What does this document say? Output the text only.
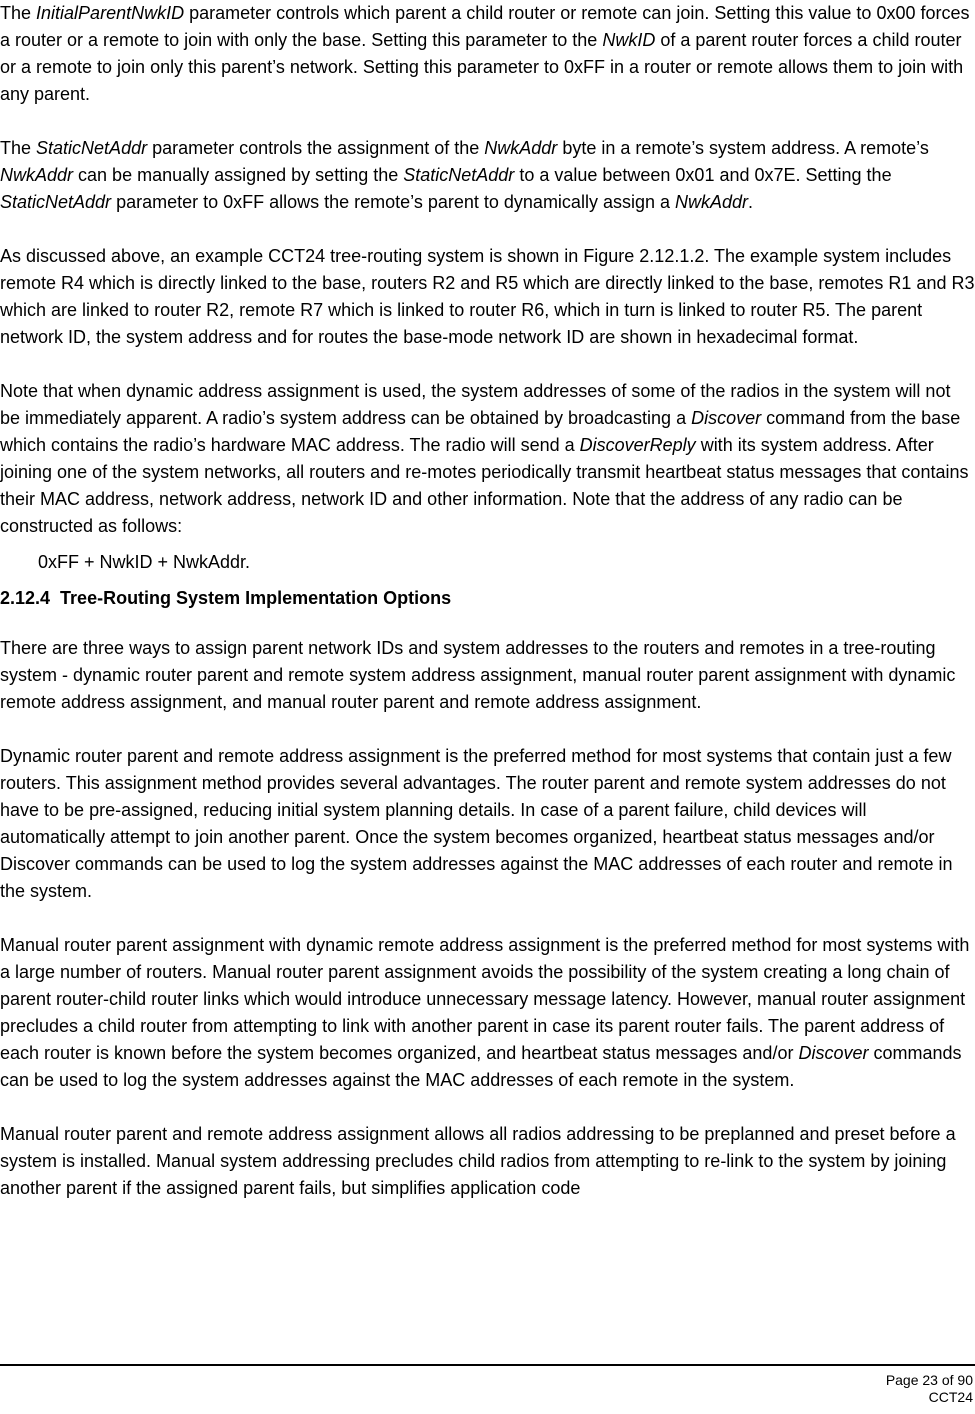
The InitialParentNwkID parameter controls which parent a child router or remote can join. Setting this value to 0x00 forces a router or a remote to join with only the base. Setting this parameter to the NwkID of a parent router forces a child router or a remote to join only this parent’s network. Setting this parameter to 0xFF in a router or remote allows them to join with any parent.

The StaticNetAddr parameter controls the assignment of the NwkAddr byte in a remote’s system address. A remote’s NwkAddr can be manually assigned by setting the StaticNetAddr to a value between 0x01 and 0x7E. Setting the StaticNetAddr parameter to 0xFF allows the remote’s parent to dynamically assign a NwkAddr.

As discussed above, an example CCT24 tree-routing system is shown in Figure 2.12.1.2. The example system includes remote R4 which is directly linked to the base, routers R2 and R5 which are directly linked to the base, remotes R1 and R3 which are linked to router R2, remote R7 which is linked to router R6, which in turn is linked to router R5. The parent network ID, the system address and for routes the base-mode network ID are shown in hexadecimal format.

Note that when dynamic address assignment is used, the system addresses of some of the radios in the system will not be immediately apparent. A radio’s system address can be obtained by broadcasting a Discover command from the base which contains the radio’s hardware MAC address. The radio will send a DiscoverReply with its system address. After joining one of the system networks, all routers and re-motes periodically transmit heartbeat status messages that contains their MAC address, network address, network ID and other information. Note that the address of any radio can be constructed as follows:

0xFF + NwkID + NwkAddr.

2.12.4 Tree-Routing System Implementation Options

There are three ways to assign parent network IDs and system addresses to the routers and remotes in a tree-routing system - dynamic router parent and remote system address assignment, manual router parent assignment with dynamic remote address assignment, and manual router parent and remote address assignment.

Dynamic router parent and remote address assignment is the preferred method for most systems that contain just a few routers. This assignment method provides several advantages. The router parent and remote system addresses do not have to be pre-assigned, reducing initial system planning details. In case of a parent failure, child devices will automatically attempt to join another parent. Once the system becomes organized, heartbeat status messages and/or Discover commands can be used to log the system addresses against the MAC addresses of each router and remote in the system.

Manual router parent assignment with dynamic remote address assignment is the preferred method for most systems with a large number of routers. Manual router parent assignment avoids the possibility of the system creating a long chain of parent router-child router links which would introduce unnecessary message latency. However, manual router assignment precludes a child router from attempting to link with another parent in case its parent router fails. The parent address of each router is known before the system becomes organized, and heartbeat status messages and/or Discover commands can be used to log the system addresses against the MAC addresses of each remote in the system.

Manual router parent and remote address assignment allows all radios addressing to be preplanned and preset before a system is installed. Manual system addressing precludes child radios from attempting to re-link to the system by joining another parent if the assigned parent fails, but simplifies application code

Page 23 of 90
CCT24
